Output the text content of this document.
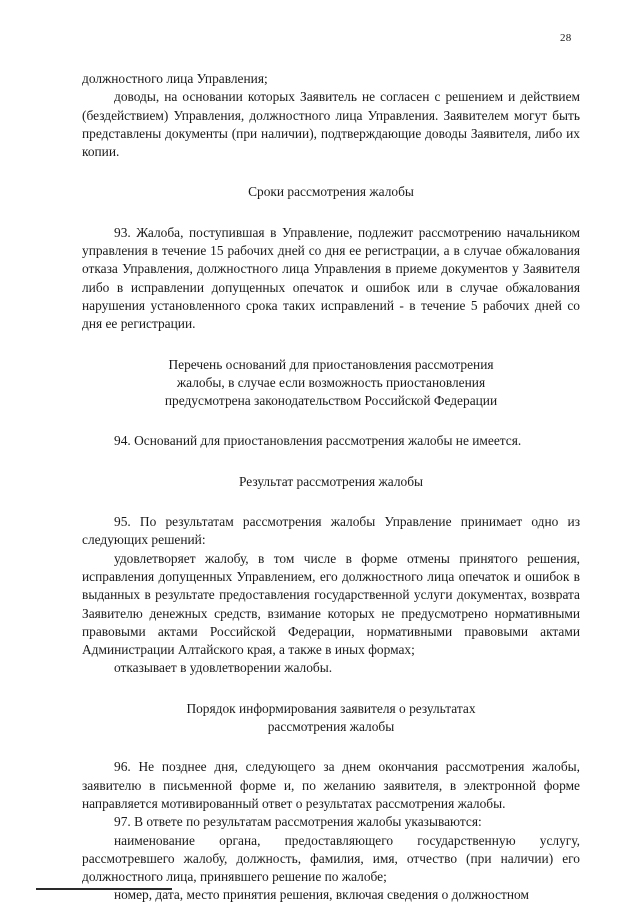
28

должностного лица Управления;

доводы, на основании которых Заявитель не согласен с решением и действием (бездействием) Управления, должностного лица Управления. Заявителем могут быть представлены документы (при наличии), подтверждающие доводы Заявителя, либо их копии.

Сроки рассмотрения жалобы

93. Жалоба, поступившая в Управление, подлежит рассмотрению начальником управления в течение 15 рабочих дней со дня ее регистрации, а в случае обжалования отказа Управления, должностного лица Управления в приеме документов у Заявителя либо в исправлении допущенных опечаток и ошибок или в случае обжалования нарушения установленного срока таких исправлений - в течение 5 рабочих дней со дня ее регистрации.

Перечень оснований для приостановления рассмотрения
жалобы, в случае если возможность приостановления
предусмотрена законодательством Российской Федерации

94. Оснований для приостановления рассмотрения жалобы не имеется.

Результат рассмотрения жалобы

95. По результатам рассмотрения жалобы Управление принимает одно из следующих решений:

удовлетворяет жалобу, в том числе в форме отмены принятого решения, исправления допущенных Управлением, его должностного лица опечаток и ошибок в выданных в результате предоставления государственной услуги документах, возврата Заявителю денежных средств, взимание которых не предусмотрено нормативными правовыми актами Российской Федерации, нормативными правовыми актами Администрации Алтайского края, а также в иных формах;

отказывает в удовлетворении жалобы.

Порядок информирования заявителя о результатах
рассмотрения жалобы

96. Не позднее дня, следующего за днем окончания рассмотрения жалобы, заявителю в письменной форме и, по желанию заявителя, в электронной форме направляется мотивированный ответ о результатах рассмотрения жалобы.

97. В ответе по результатам рассмотрения жалобы указываются:

наименование органа, предоставляющего государственную услугу, рассмотревшего жалобу, должность, фамилия, имя, отчество (при наличии) его должностного лица, принявшего решение по жалобе;

номер, дата, место принятия решения, включая сведения о должностном
